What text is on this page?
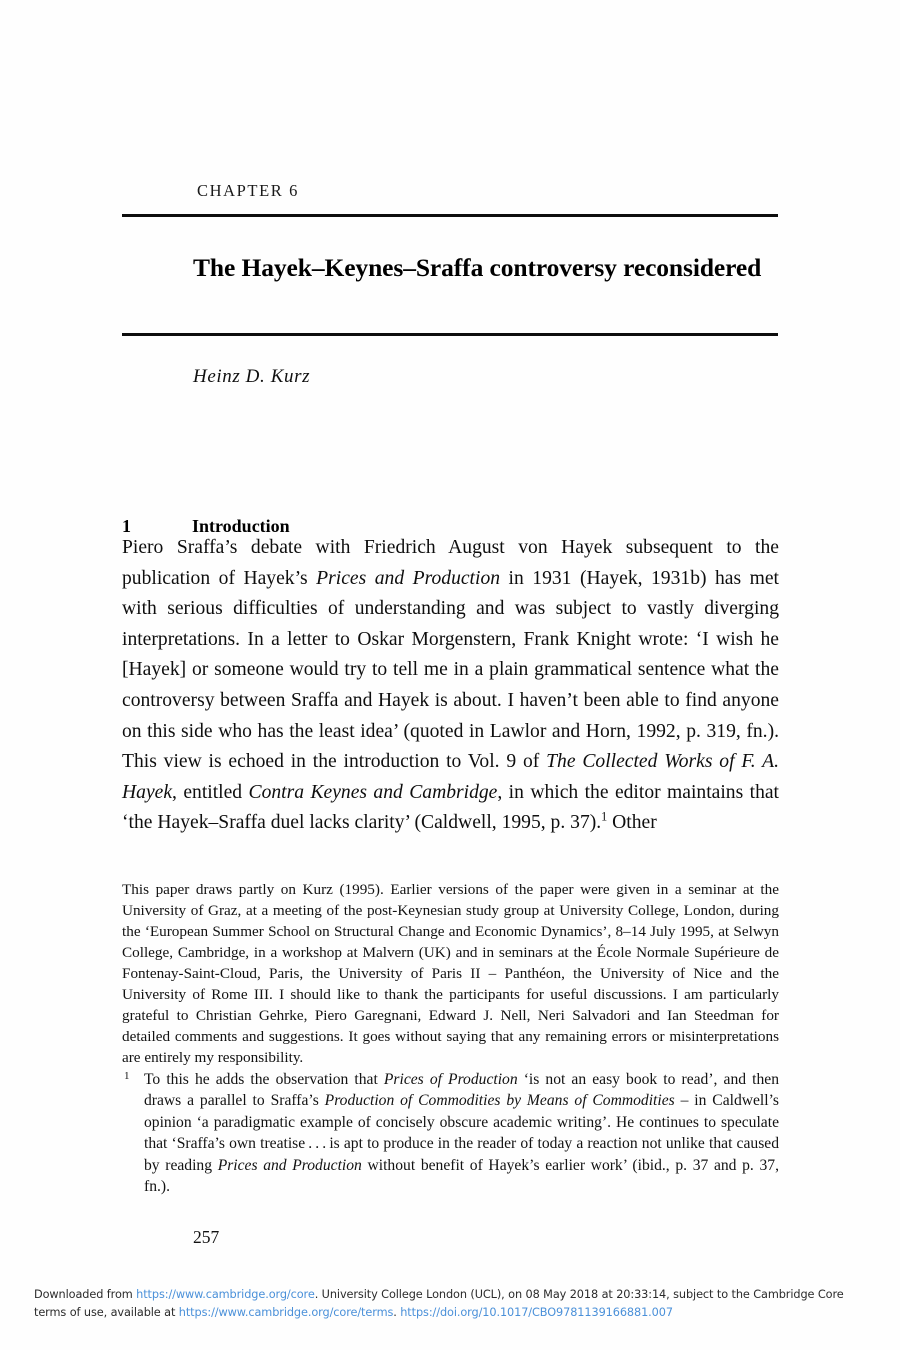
CHAPTER 6
The Hayek–Keynes–Sraffa controversy reconsidered
Heinz D. Kurz
1	Introduction
Piero Sraffa’s debate with Friedrich August von Hayek subsequent to the publication of Hayek’s Prices and Production in 1931 (Hayek, 1931b) has met with serious difficulties of understanding and was subject to vastly diverging interpretations. In a letter to Oskar Morgenstern, Frank Knight wrote: ‘I wish he [Hayek] or someone would try to tell me in a plain grammatical sentence what the controversy between Sraffa and Hayek is about. I haven’t been able to find anyone on this side who has the least idea’ (quoted in Lawlor and Horn, 1992, p. 319, fn.). This view is echoed in the introduction to Vol. 9 of The Collected Works of F. A. Hayek, entitled Contra Keynes and Cambridge, in which the editor maintains that ‘the Hayek–Sraffa duel lacks clarity’ (Caldwell, 1995, p. 37).$^1$ Other
This paper draws partly on Kurz (1995). Earlier versions of the paper were given in a seminar at the University of Graz, at a meeting of the post-Keynesian study group at University College, London, during the ‘European Summer School on Structural Change and Economic Dynamics’, 8–14 July 1995, at Selwyn College, Cambridge, in a workshop at Malvern (UK) and in seminars at the École Normale Supérieure de Fontenay-Saint-Cloud, Paris, the University of Paris II – Panthéon, the University of Nice and the University of Rome III. I should like to thank the participants for useful discussions. I am particularly grateful to Christian Gehrke, Piero Garegnani, Edward J. Nell, Neri Salvadori and Ian Steedman for detailed comments and suggestions. It goes without saying that any remaining errors or misinterpretations are entirely my responsibility.
1 To this he adds the observation that Prices of Production ‘is not an easy book to read’, and then draws a parallel to Sraffa’s Production of Commodities by Means of Commodities – in Caldwell’s opinion ‘a paradigmatic example of concisely obscure academic writing’. He continues to speculate that ‘Sraffa’s own treatise . . . is apt to produce in the reader of today a reaction not unlike that caused by reading Prices and Production without benefit of Hayek’s earlier work’ (ibid., p. 37 and p. 37, fn.).
257
Downloaded from https://www.cambridge.org/core. University College London (UCL), on 08 May 2018 at 20:33:14, subject to the Cambridge Core terms of use, available at https://www.cambridge.org/core/terms. https://doi.org/10.1017/CBO9781139166881.007
